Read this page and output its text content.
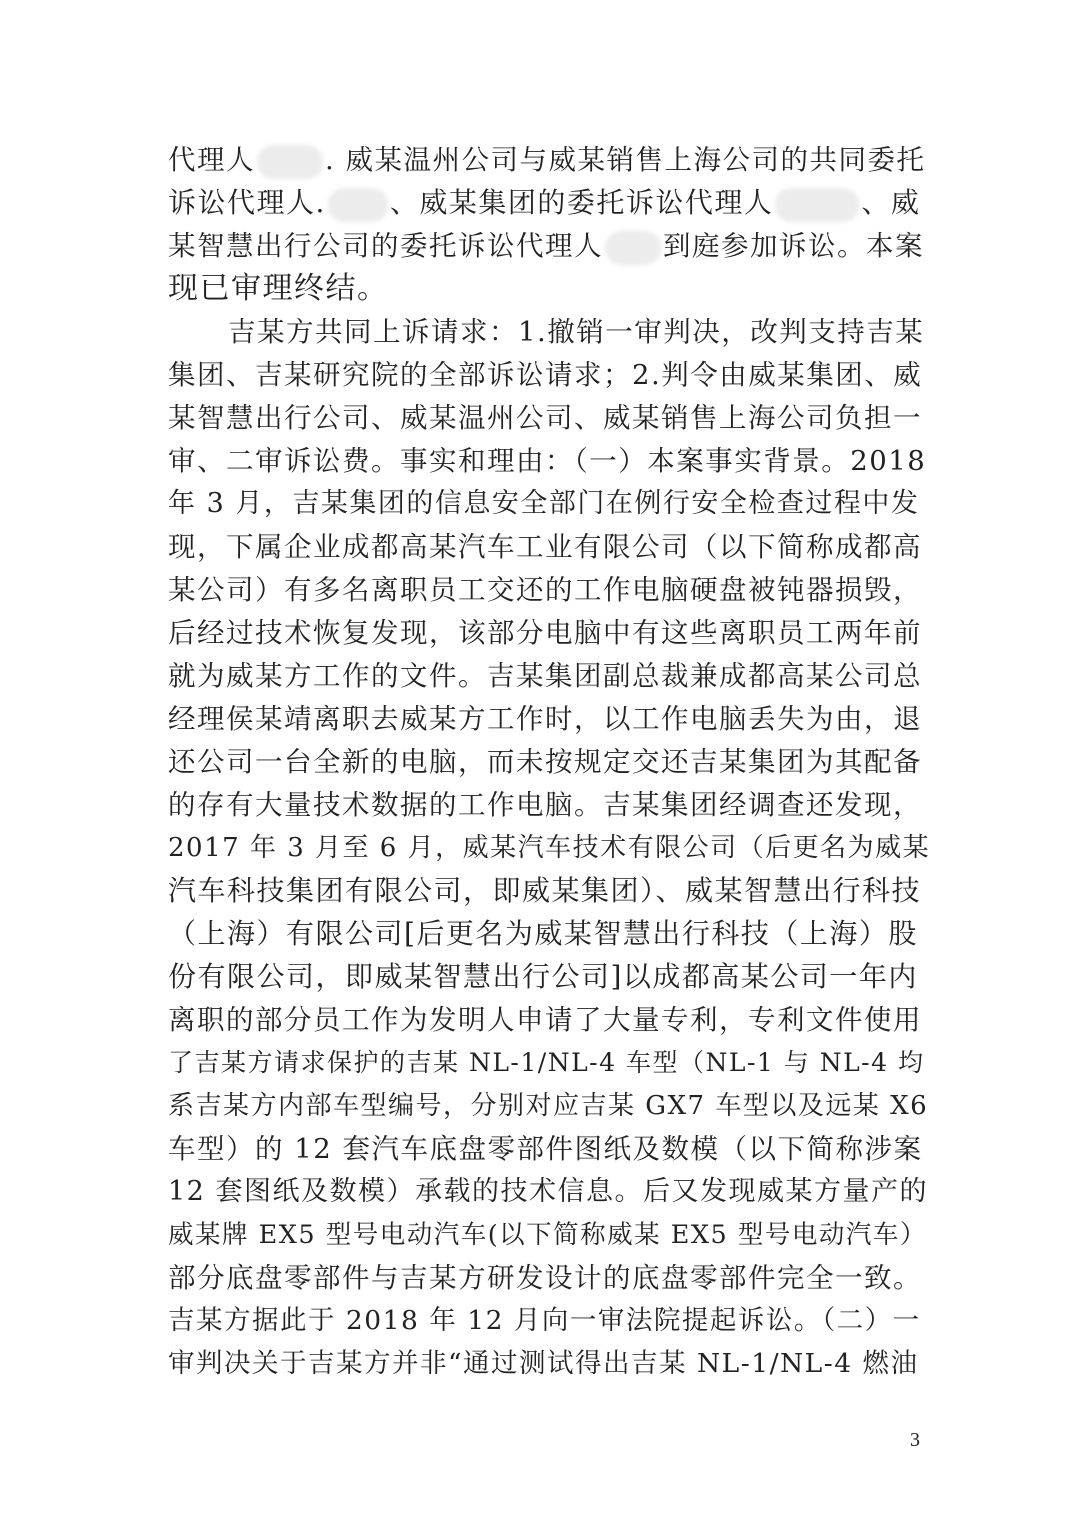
代理人	. 威某温州公司与威某销售上海公司的共同委托
诉讼代理人. 、威某集团的委托诉讼代理人	、威
某智慧出行公司的委托诉讼代理人 到庭参加诉讼。本案
现已审理终结。
吉某方共同上诉请求：1.撤销一审判决，改判支持吉某
集团、吉某研究院的全部诉讼请求；2.判令由威某集团、威
某智慧出行公司、威某温州公司、威某销售上海公司负担一
审、二审诉讼费。事实和理由：（一）本案事实背景。2018
年 3 月，吉某集团的信息安全部门在例行安全检查过程中发
现，下属企业成都高某汽车工业有限公司（以下简称成都高
某公司）有多名离职员工交还的工作电脑硬盘被钝器损毁，
后经过技术恢复发现，该部分电脑中有这些离职员工两年前
就为威某方工作的文件。吉某集团副总裁兼成都高某公司总
经理侯某靖离职去威某方工作时，以工作电脑丢失为由，退
还公司一台全新的电脑，而未按规定交还吉某集团为其配备
的存有大量技术数据的工作电脑。吉某集团经调查还发现，
2017 年 3 月至 6 月，威某汽车技术有限公司（后更名为威某
汽车科技集团有限公司，即威某集团）、威某智慧出行科技
（上海）有限公司[后更名为威某智慧出行科技（上海）股
份有限公司，即威某智慧出行公司]以成都高某公司一年内
离职的部分员工作为发明人申请了大量专利，专利文件使用
了吉某方请求保护的吉某 NL-1/NL-4 车型（NL-1 与 NL-4 均
系吉某方内部车型编号，分别对应吉某 GX7 车型以及远某 X6
车型）的 12 套汽车底盘零部件图纸及数模（以下简称涉案
12 套图纸及数模）承载的技术信息。后又发现威某方量产的
威某牌 EX5 型号电动汽车(以下简称威某 EX5 型号电动汽车）
部分底盘零部件与吉某方研发设计的底盘零部件完全一致。
吉某方据此于 2018 年 12 月向一审法院提起诉讼。（二）一
审判决关于吉某方并非“通过测试得出吉某 NL-1/NL-4 燃油
3
